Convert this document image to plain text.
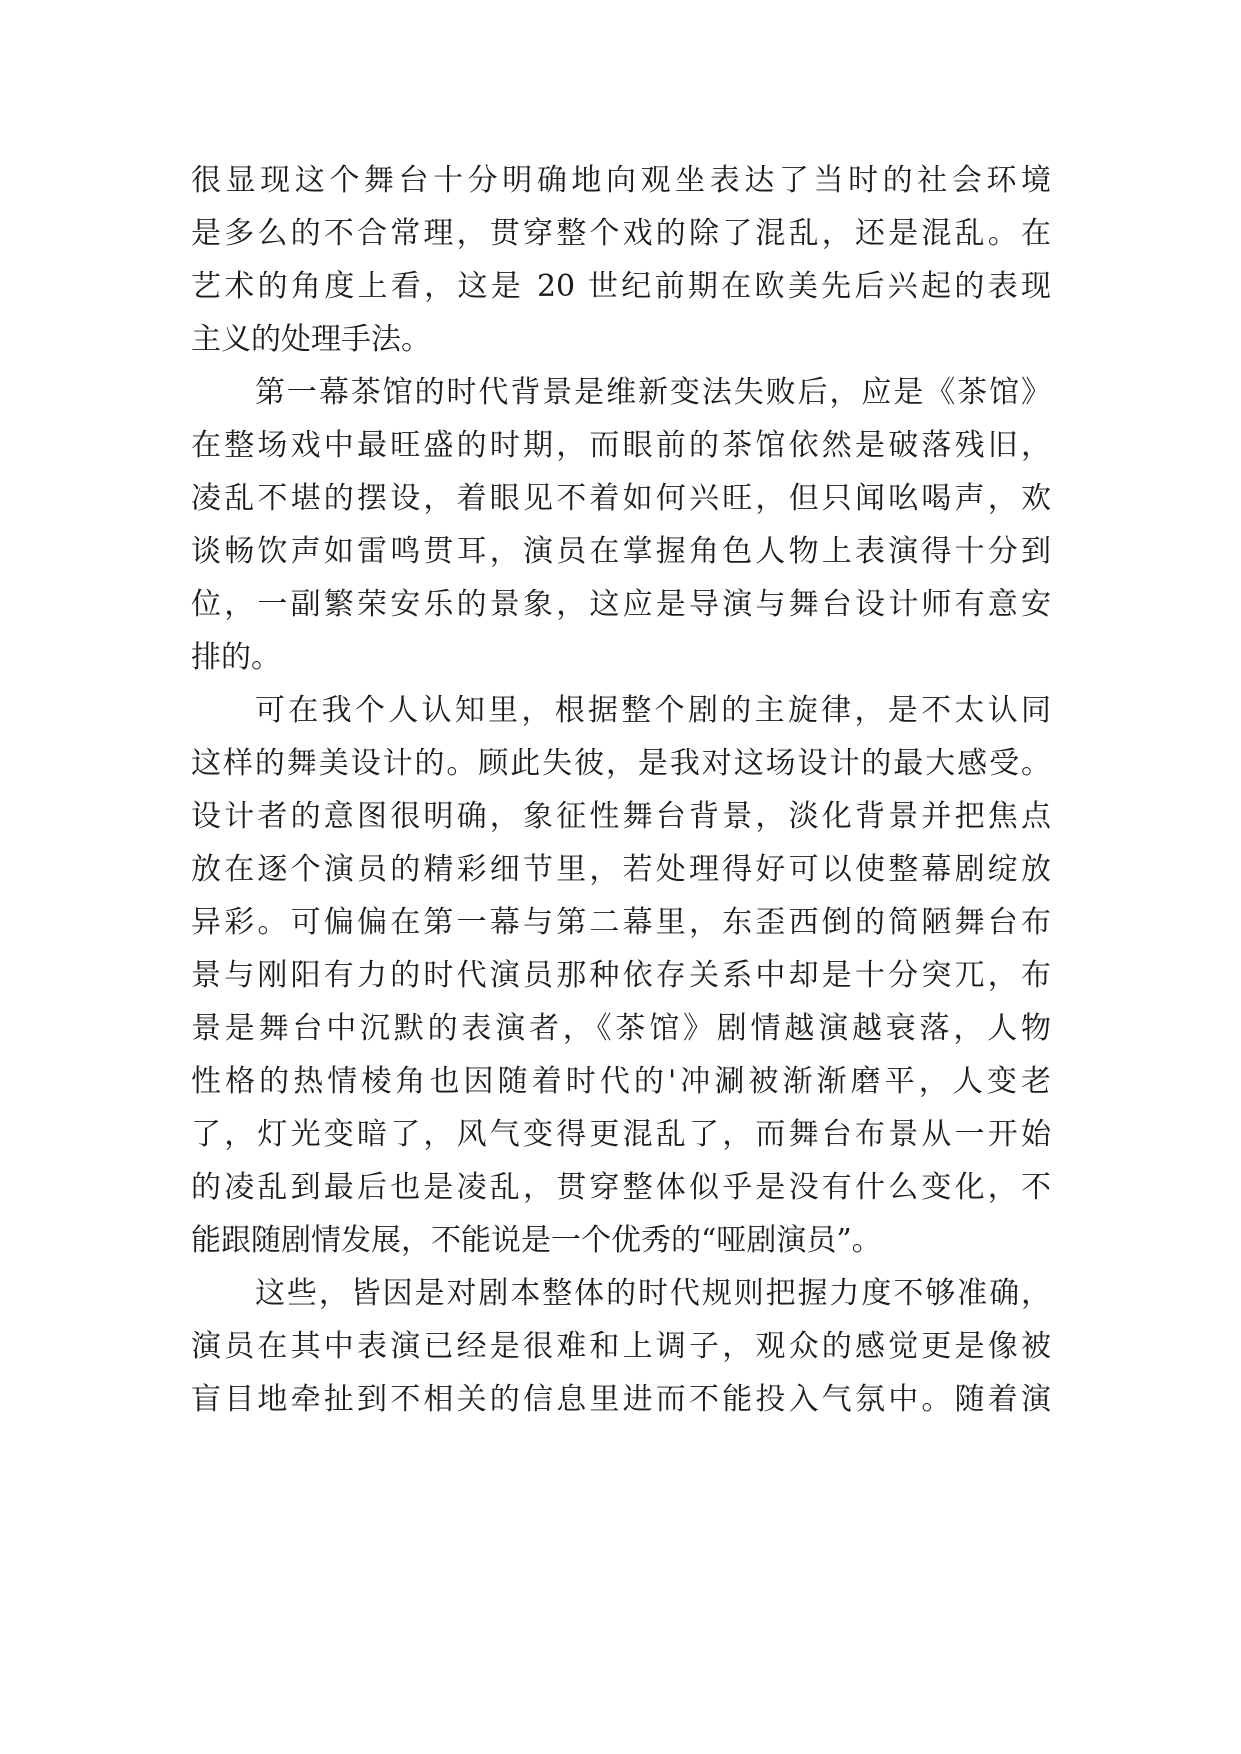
很显现这个舞台十分明确地向观坐表达了当时的社会环境
是多么的不合常理，贯穿整个戏的除了混乱，还是混乱。在
艺术的角度上看，这是 20 世纪前期在欧美先后兴起的表现
主义的处理手法。
第一幕茶馆的时代背景是维新变法失败后，应是《茶馆》
在整场戏中最旺盛的时期，而眼前的茶馆依然是破落残旧，
凌乱不堪的摆设，着眼见不着如何兴旺，但只闻吆喝声，欢
谈畅饮声如雷鸣贯耳，演员在掌握角色人物上表演得十分到
位，一副繁荣安乐的景象，这应是导演与舞台设计师有意安
排的。
可在我个人认知里，根据整个剧的主旋律，是不太认同
这样的舞美设计的。顾此失彼，是我对这场设计的最大感受。
设计者的意图很明确，象征性舞台背景，淡化背景并把焦点
放在逐个演员的精彩细节里，若处理得好可以使整幕剧绽放
异彩。可偏偏在第一幕与第二幕里，东歪西倒的简陋舞台布
景与刚阳有力的时代演员那种依存关系中却是十分突兀，布
景是舞台中沉默的表演者，《茶馆》剧情越演越衰落，人物
性格的热情棱角也因随着时代的'冲涮被渐渐磨平，人变老
了，灯光变暗了，风气变得更混乱了，而舞台布景从一开始
的凌乱到最后也是凌乱，贯穿整体似乎是没有什么变化，不
能跟随剧情发展，不能说是一个优秀的“哑剧演员”。
这些，皆因是对剧本整体的时代规则把握力度不够准确，
演员在其中表演已经是很难和上调子，观众的感觉更是像被
盲目地牵扯到不相关的信息里进而不能投入气氛中。随着演
